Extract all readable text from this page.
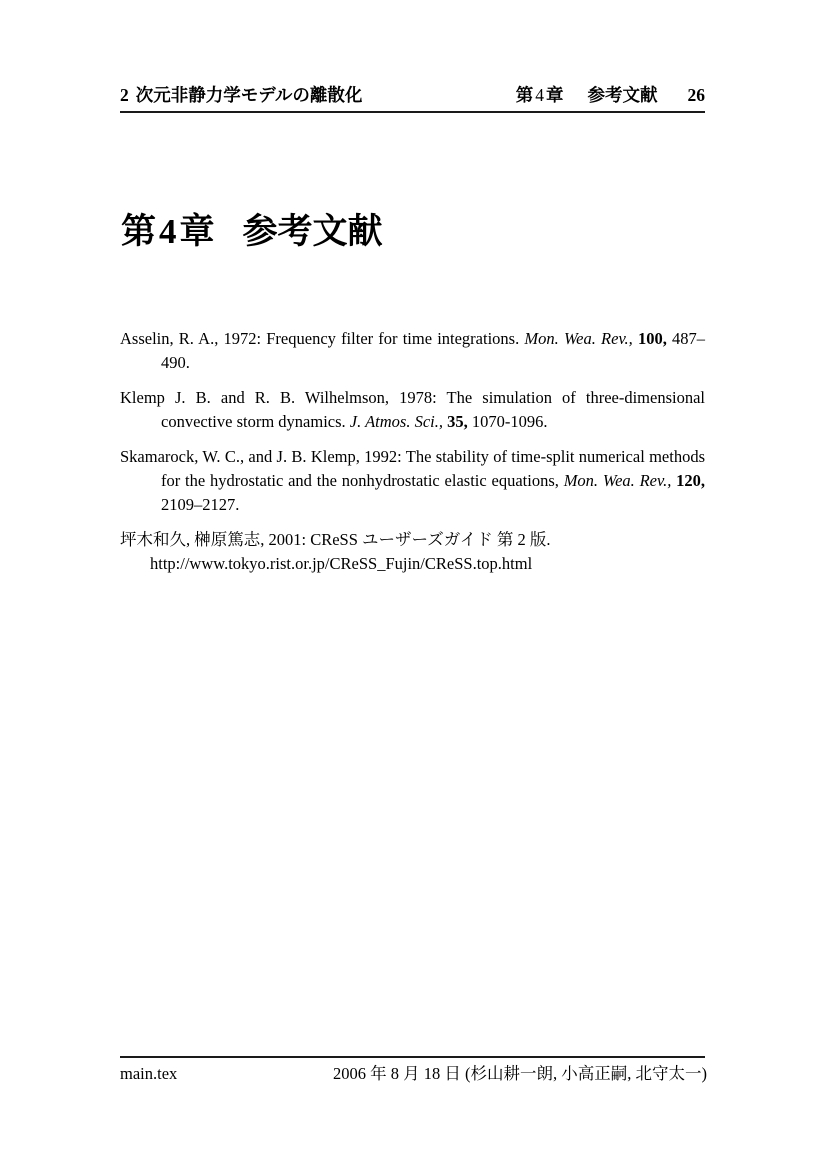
2 次元非静力学モデルの離散化	第 4 章 参考文献 26
第4章 参考文献

Asselin, R. A., 1972: Frequency filter for time integrations. Mon. Wea. Rev., 100, 487–490.

Klemp J. B. and R. B. Wilhelmson, 1978: The simulation of three-dimensional convective storm dynamics. J. Atmos. Sci., 35, 1070-1096.

Skamarock, W. C., and J. B. Klemp, 1992: The stability of time-split numerical methods for the hydrostatic and the nonhydrostatic elastic equations, Mon. Wea. Rev., 120, 2109–2127.

坪木和久, 榊原篤志, 2001: CReSS ユーザーズガイド 第 2 版.
http://www.tokyo.rist.or.jp/CReSS_Fujin/CReSS.top.html

main.tex	2006 年 8 月 18 日 (杉山耕一朗, 小高正嗣, 北守太一)
